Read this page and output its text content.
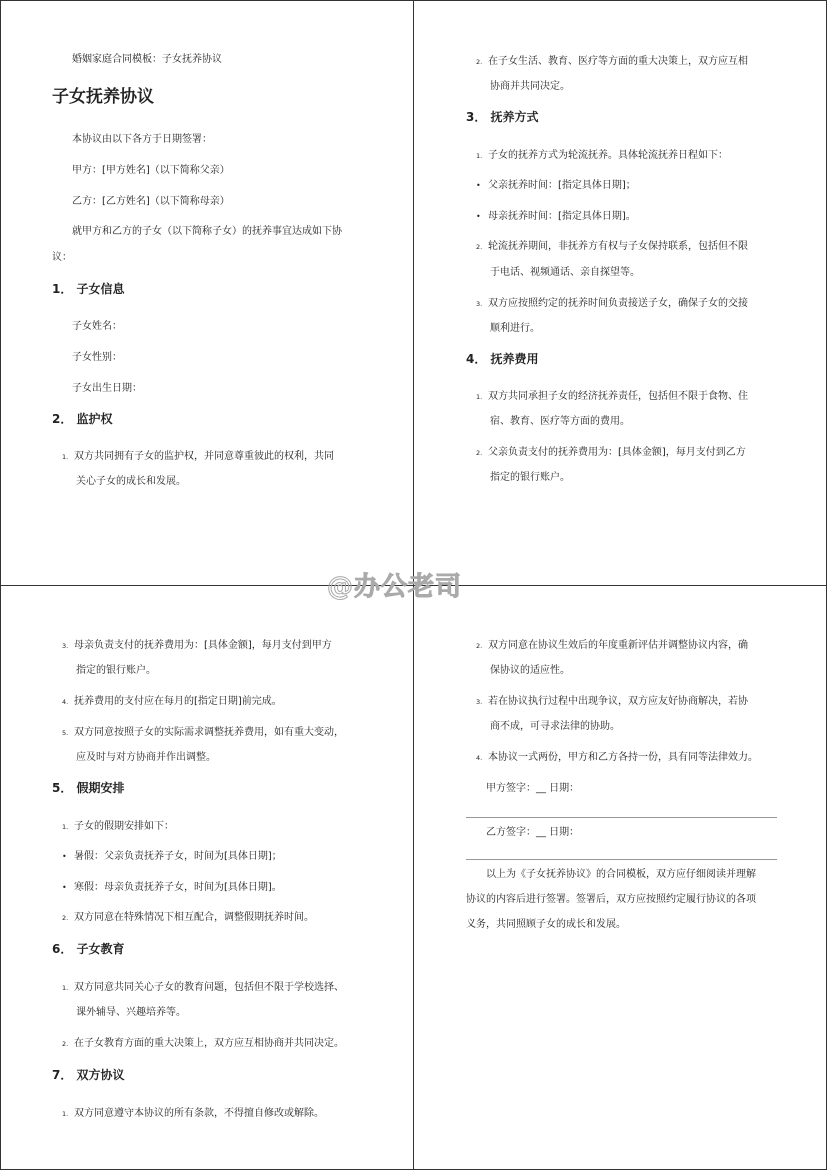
婚姻家庭合同模板：子女抚养协议

子女抚养协议

本协议由以下各方于日期签署：

甲方：[甲方姓名]（以下简称父亲）

乙方：[乙方姓名]（以下简称母亲）

就甲方和乙方的子女（以下简称子女）的抚养事宜达成如下协

议：

1． 子女信息

子女姓名：

子女性别：

子女出生日期：

2． 监护权

1. 双方共同拥有子女的监护权，并同意尊重彼此的权利，共同

关心子女的成长和发展。

2. 在子女生活、教育、医疗等方面的重大决策上，双方应互相

协商并共同决定。

3． 抚养方式

1. 子女的抚养方式为轮流抚养。具体轮流抚养日程如下：
• 父亲抚养时间：[指定具体日期]；
• 母亲抚养时间：[指定具体日期]。
2. 轮流抚养期间，非抚养方有权与子女保持联系，包括但不限

于电话、视频通话、亲自探望等。

3. 双方应按照约定的抚养时间负责接送子女，确保子女的交接

顺利进行。

4． 抚养费用

1. 双方共同承担子女的经济抚养责任，包括但不限于食物、住

宿、教育、医疗等方面的费用。

2. 父亲负责支付的抚养费用为：[具体金额]，每月支付到乙方

指定的银行账户。

3. 母亲负责支付的抚养费用为：[具体金额]，每月支付到甲方

指定的银行账户。

4. 抚养费用的支付应在每月的[指定日期]前完成。
5. 双方同意按照子女的实际需求调整抚养费用，如有重大变动，

应及时与对方协商并作出调整。

5． 假期安排

1. 子女的假期安排如下：
• 暑假：父亲负责抚养子女，时间为[具体日期]；
• 寒假：母亲负责抚养子女，时间为[具体日期]。
2. 双方同意在特殊情况下相互配合，调整假期抚养时间。

6． 子女教育

1. 双方同意共同关心子女的教育问题，包括但不限于学校选择、

课外辅导、兴趣培养等。

2. 在子女教育方面的重大决策上，双方应互相协商并共同决定。

7． 双方协议

1. 双方同意遵守本协议的所有条款，不得擅自修改或解除。
2. 双方同意在协议生效后的年度重新评估并调整协议内容，确

保协议的适应性。

3. 若在协议执行过程中出现争议，双方应友好协商解决，若协

商不成，可寻求法律的协助。

4. 本协议一式两份，甲方和乙方各持一份，具有同等法律效力。

甲方签字：__ 日期：

乙方签字：__ 日期：

以上为《子女抚养协议》的合同模板，双方应仔细阅读并理解

协议的内容后进行签署。签署后，双方应按照约定履行协议的各项

义务，共同照顾子女的成长和发展。

@办公老司
